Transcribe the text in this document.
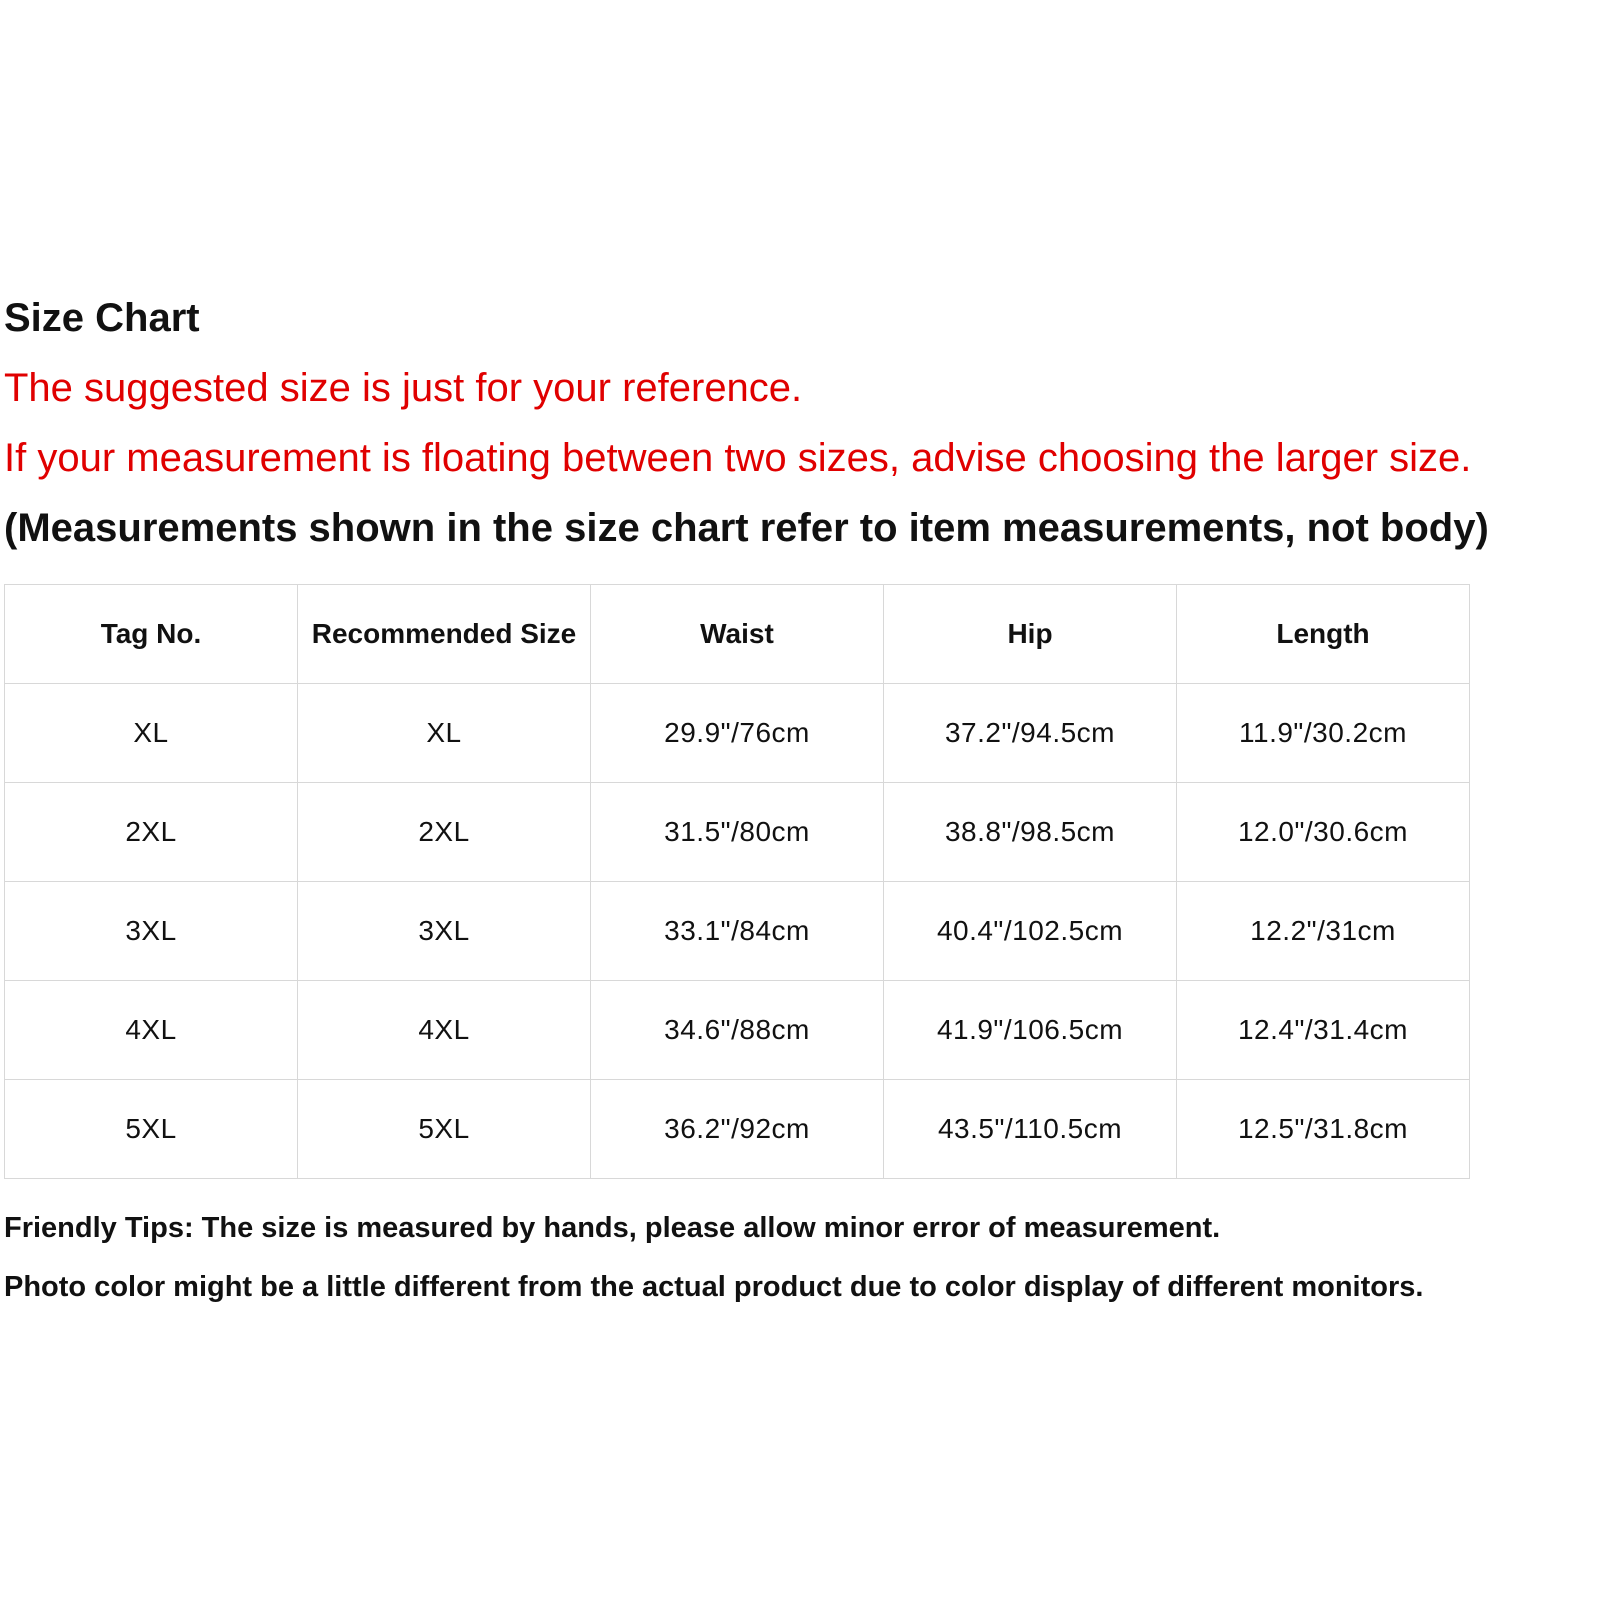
Size Chart
The suggested size is just for your reference.
If your measurement is floating between two sizes, advise choosing the larger size.
(Measurements shown in the size chart refer to item measurements, not body)
Tag No.	Recommended Size	Waist	Hip	Length
XL	XL	29.9"/76cm	37.2"/94.5cm	11.9"/30.2cm
2XL	2XL	31.5"/80cm	38.8"/98.5cm	12.0"/30.6cm
3XL	3XL	33.1"/84cm	40.4"/102.5cm	12.2"/31cm
4XL	4XL	34.6"/88cm	41.9"/106.5cm	12.4"/31.4cm
5XL	5XL	36.2"/92cm	43.5"/110.5cm	12.5"/31.8cm
Friendly Tips: The size is measured by hands, please allow minor error of measurement.
Photo color might be a little different from the actual product due to color display of different monitors.
